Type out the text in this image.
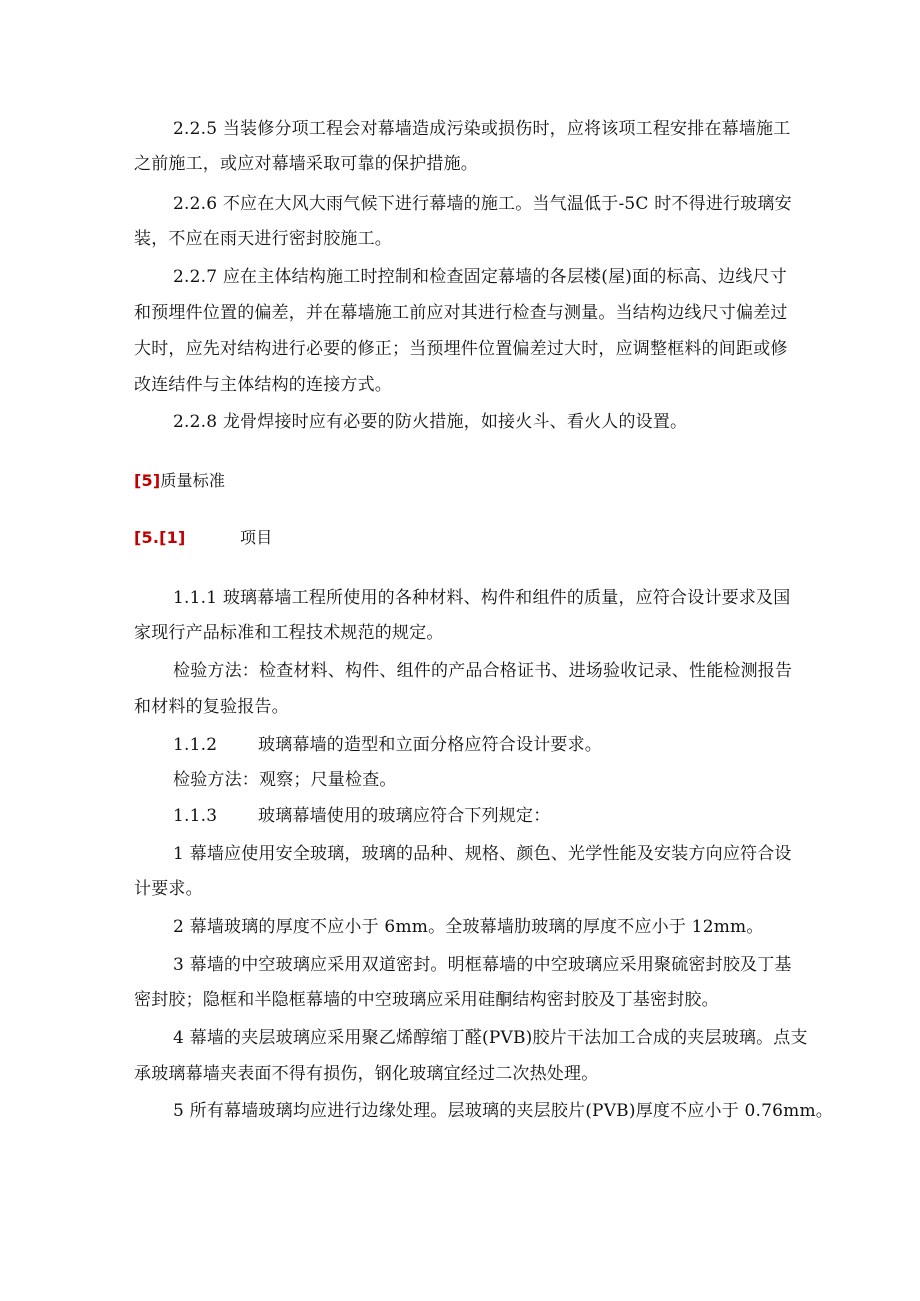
2.2.5 当装修分项工程会对幕墙造成污染或损伤时，应将该项工程安排在幕墙施工
之前施工，或应对幕墙采取可靠的保护措施。
2.2.6 不应在大风大雨气候下进行幕墙的施工。当气温低于-5C 时不得进行玻璃安
装，不应在雨天进行密封胶施工。
2.2.7 应在主体结构施工时控制和检查固定幕墙的各层楼(屋)面的标高、边线尺寸
和预埋件位置的偏差，并在幕墙施工前应对其进行检查与测量。当结构边线尺寸偏差过
大时，应先对结构进行必要的修正；当预埋件位置偏差过大时，应调整框料的间距或修
改连结件与主体结构的连接方式。
2.2.8 龙骨焊接时应有必要的防火措施，如接火斗、看火人的设置。
[5]质量标准
[5.[1]	项目
1.1.1 玻璃幕墙工程所使用的各种材料、构件和组件的质量，应符合设计要求及国
家现行产品标准和工程技术规范的规定。
检验方法：检查材料、构件、组件的产品合格证书、进场验收记录、性能检测报告
和材料的复验报告。
1.1.2 玻璃幕墙的造型和立面分格应符合设计要求。
检验方法：观察；尺量检查。
1.1.3 玻璃幕墙使用的玻璃应符合下列规定：
1 幕墙应使用安全玻璃，玻璃的品种、规格、颜色、光学性能及安装方向应符合设
计要求。
2 幕墙玻璃的厚度不应小于 6mm。全玻幕墙肋玻璃的厚度不应小于 12mm。
3 幕墙的中空玻璃应采用双道密封。明框幕墙的中空玻璃应采用聚硫密封胶及丁基
密封胶；隐框和半隐框幕墙的中空玻璃应采用硅酮结构密封胶及丁基密封胶。
4 幕墙的夹层玻璃应采用聚乙烯醇缩丁醛(PVB)胶片干法加工合成的夹层玻璃。点支
承玻璃幕墙夹表面不得有损伤，钢化玻璃宜经过二次热处理。
5 所有幕墙玻璃均应进行边缘处理。层玻璃的夹层胶片(PVB)厚度不应小于 0.76mm。
